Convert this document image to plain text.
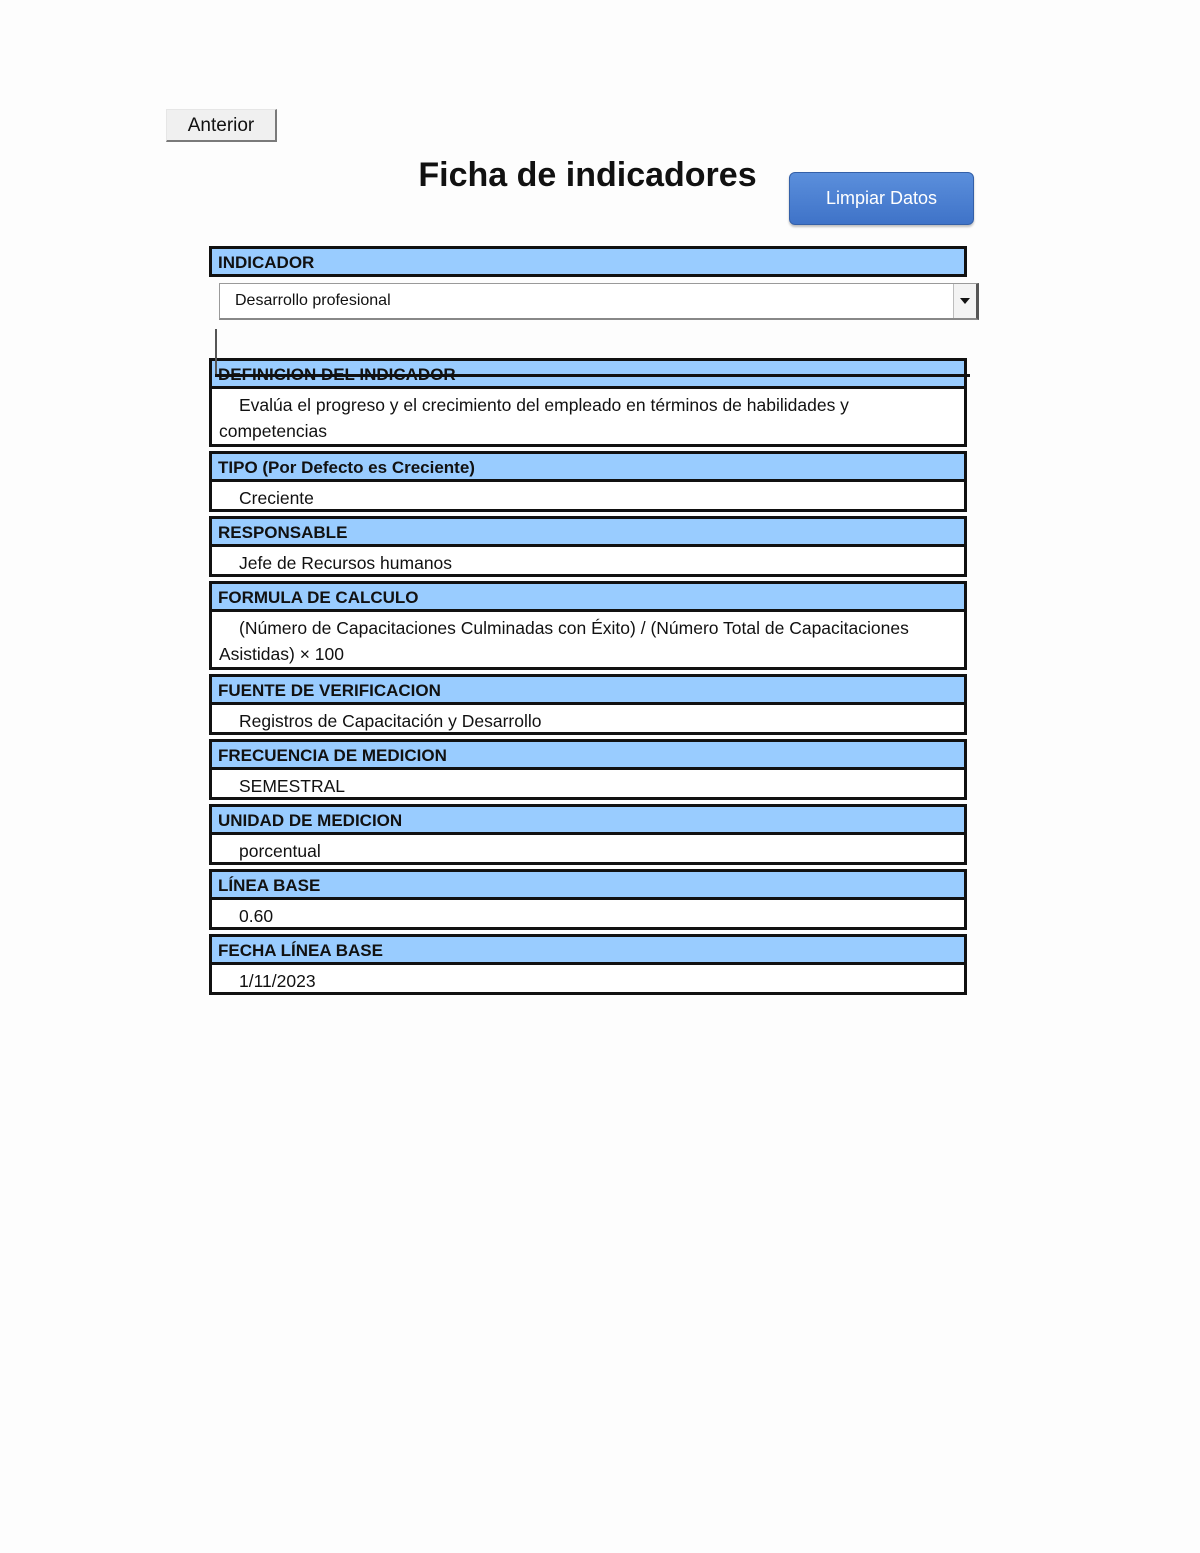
Anterior
Ficha de indicadores
Limpiar Datos
INDICADOR
Desarrollo profesional
Evalúa el progreso y el crecimiento del empleado en términos de habilidades y competencias
TIPO (Por Defecto es Creciente)
Creciente
RESPONSABLE
Jefe de Recursos humanos
FORMULA DE CALCULO
(Número de Capacitaciones Culminadas con Éxito) / (Número Total de Capacitaciones Asistidas) × 100
FUENTE DE VERIFICACION
Registros de Capacitación y Desarrollo
FRECUENCIA DE MEDICION
SEMESTRAL
UNIDAD DE MEDICION
porcentual
LÍNEA BASE
0.60
FECHA LÍNEA BASE
1/11/2023
